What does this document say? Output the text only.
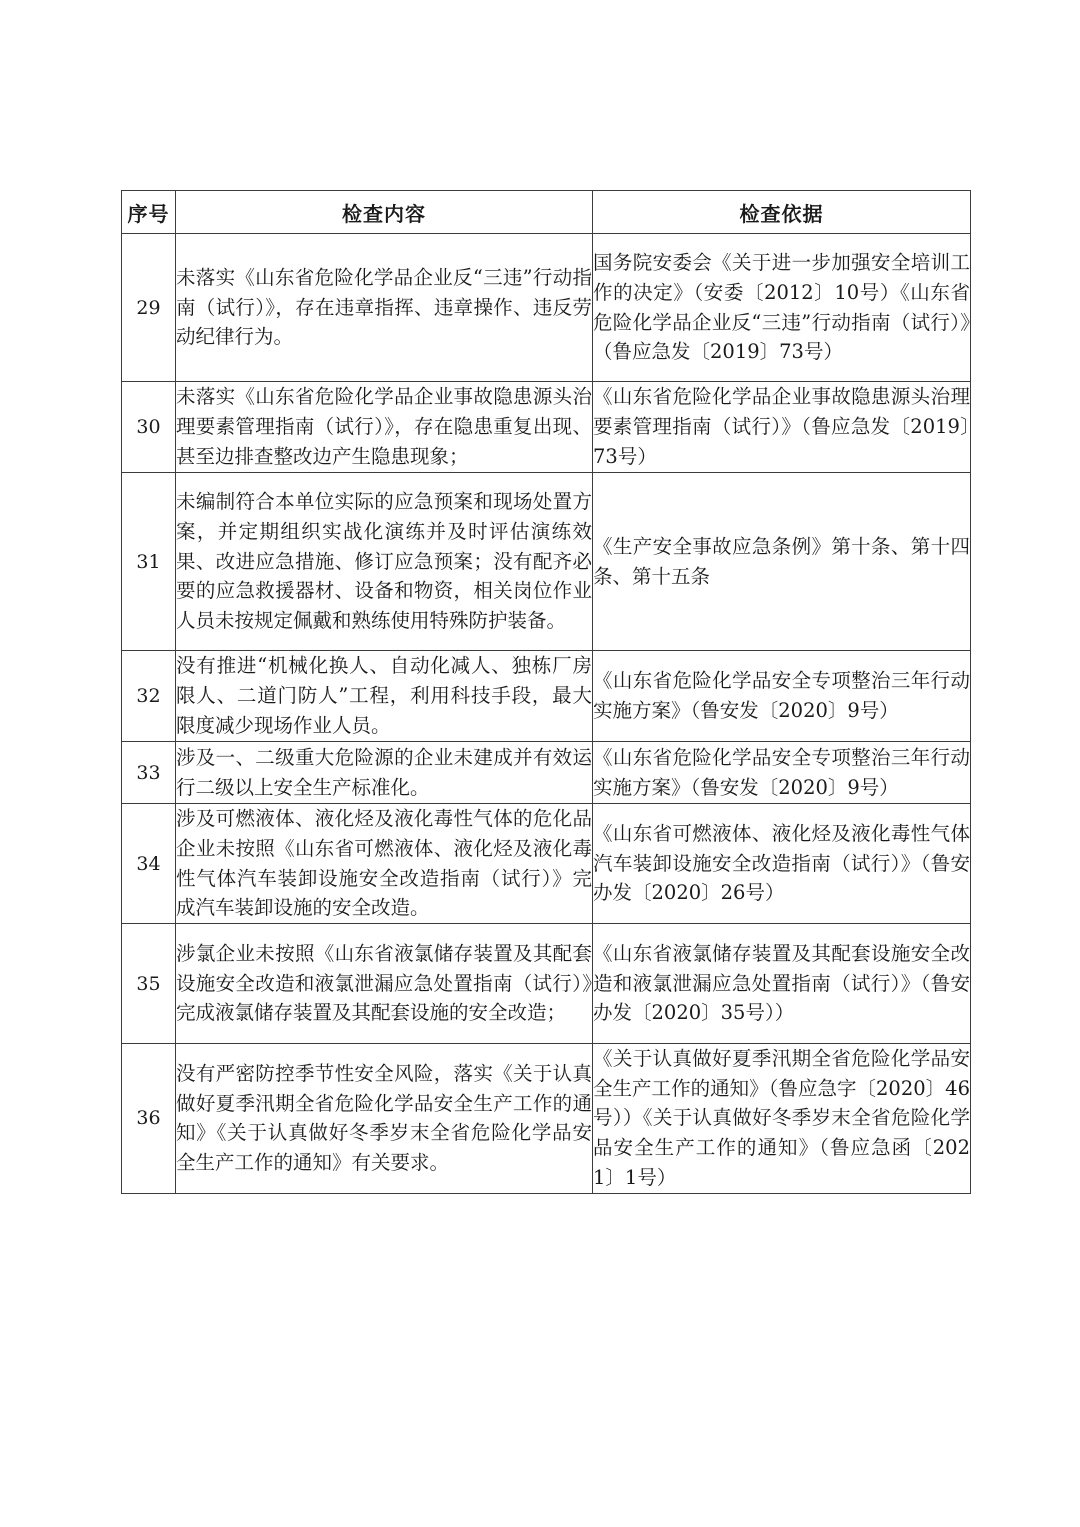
序号	检查内容	检查依据
29	未落实《山东省危险化学品企业反“三违”行动指南（试行）》，存在违章指挥、违章操作、违反劳动纪律行为。	国务院安委会《关于进一步加强安全培训工作的决定》（安委〔2012〕10号）《山东省危险化学品企业反“三违”行动指南（试行）》（鲁应急发〔2019〕73号）

30	未落实《山东省危险化学品企业事故隐患源头治理要素管理指南（试行）》，存在隐患重复出现、甚至边排查整改边产生隐患现象；	《山东省危险化学品企业事故隐患源头治理要素管理指南（试行）》（鲁应急发〔2019〕73号）

31	未编制符合本单位实际的应急预案和现场处置方案，并定期组织实战化演练并及时评估演练效果、改进应急措施、修订应急预案；没有配齐必要的应急救援器材、设备和物资，相关岗位作业人员未按规定佩戴和熟练使用特殊防护装备。	《生产安全事故应急条例》第十条、第十四条、第十五条

32	没有推进“机械化换人、自动化减人、独栋厂房限人、二道门防人”工程，利用科技手段，最大限度减少现场作业人员。	《山东省危险化学品安全专项整治三年行动实施方案》（鲁安发〔2020〕9号）

33	涉及一、二级重大危险源的企业未建成并有效运行二级以上安全生产标准化。	《山东省危险化学品安全专项整治三年行动实施方案》（鲁安发〔2020〕9号）

34	涉及可燃液体、液化烃及液化毒性气体的危化品企业未按照《山东省可燃液体、液化烃及液化毒性气体汽车装卸设施安全改造指南（试行）》完成汽车装卸设施的安全改造。	《山东省可燃液体、液化烃及液化毒性气体汽车装卸设施安全改造指南（试行）》（鲁安办发〔2020〕26号）

35	涉氯企业未按照《山东省液氯储存装置及其配套设施安全改造和液氯泄漏应急处置指南（试行）》完成液氯储存装置及其配套设施的安全改造；	《山东省液氯储存装置及其配套设施安全改造和液氯泄漏应急处置指南（试行）》（鲁安办发〔2020〕35号））

36	没有严密防控季节性安全风险，落实《关于认真做好夏季汛期全省危险化学品安全生产工作的通知》《关于认真做好冬季岁末全省危险化学品安全生产工作的通知》有关要求。	《关于认真做好夏季汛期全省危险化学品安全生产工作的通知》（鲁应急字〔2020〕46号））《关于认真做好冬季岁末全省危险化学品安全生产工作的通知》（鲁应急函〔2021〕1号）
